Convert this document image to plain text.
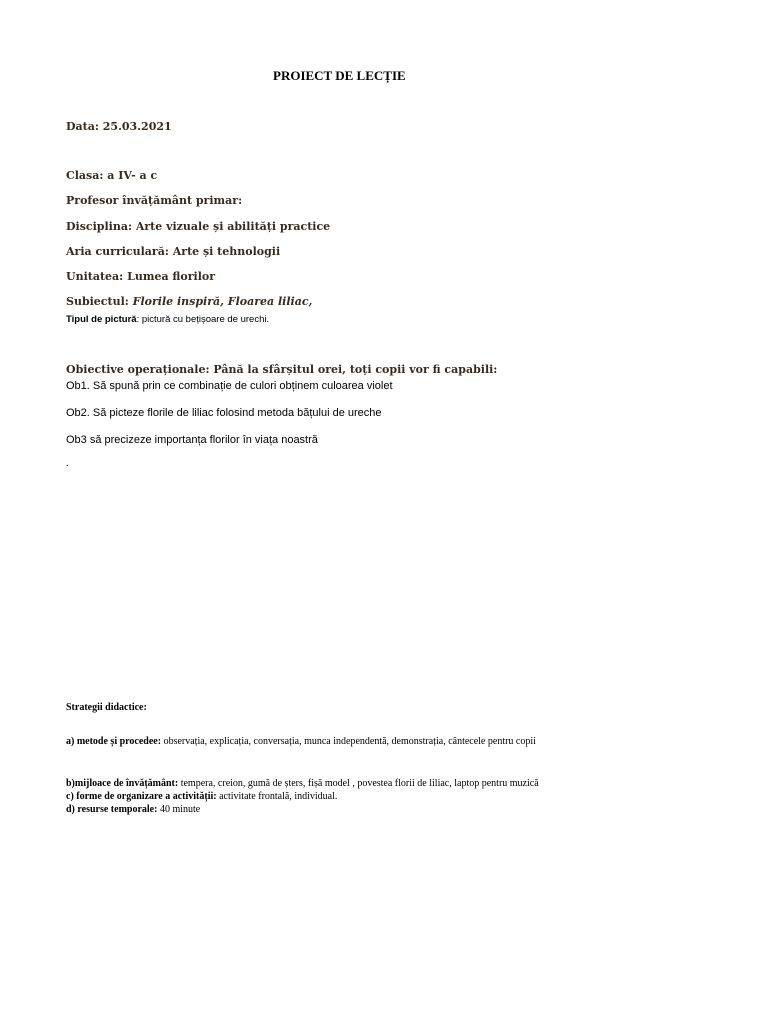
PROIECT DE LECȚIE
Data: 25.03.2021
Clasa: a IV- a c
Profesor învățământ primar:
Disciplina: Arte vizuale și abilități practice
Aria curriculară: Arte și tehnologii
Unitatea: Lumea florilor
Subiectul: Florile inspiră, Floarea liliac,
Tipul de pictură: pictură cu bețișoare de urechi.
Obiective operaționale: Până la sfârșitul orei, toți copii vor fi capabili:
Ob1. Să spună prin ce combinație de culori obținem culoarea violet
Ob2. Să picteze florile de liliac folosind metoda bățului de ureche
Ob3 să precizeze importanța florilor în viața noastră
.
Strategii didactice:
a) metode și procedee: observația, explicația, conversația, munca independentă, demonstrația, cântecele pentru copii
b)mijloace de învățământ: tempera, creion, gumă de șters, fișă model , povestea florii de liliac, laptop pentru muzică
c) forme de organizare a activității: activitate frontală, individual.
d) resurse temporale: 40 minute
